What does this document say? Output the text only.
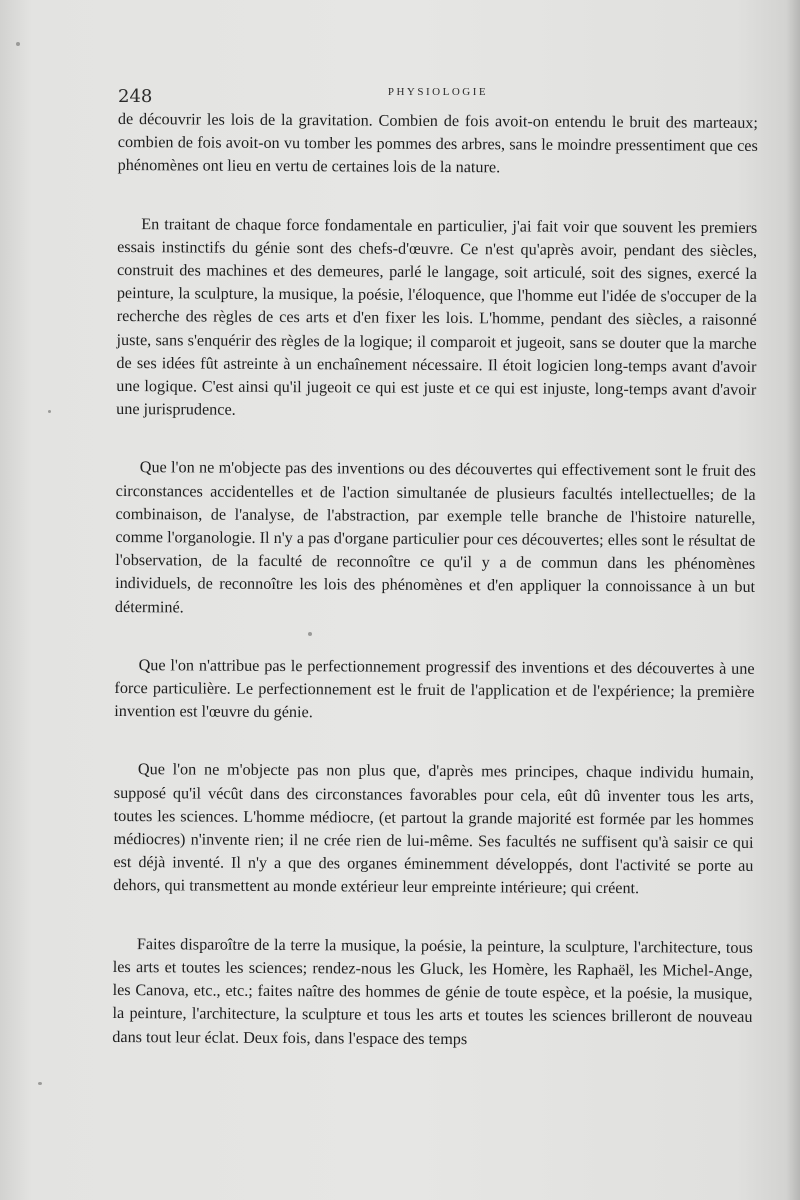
248	PHYSIOLOGIE

de découvrir les lois de la gravitation. Combien de fois avoit-on entendu le bruit des marteaux; combien de fois avoit-on vu tomber les pommes des arbres, sans le moindre pressentiment que ces phénomènes ont lieu en vertu de certaines lois de la nature.

En traitant de chaque force fondamentale en particulier, j'ai fait voir que souvent les premiers essais instinctifs du génie sont des chefs-d'œuvre. Ce n'est qu'après avoir, pendant des siècles, construit des machines et des demeures, parlé le langage, soit articulé, soit des signes, exercé la peinture, la sculpture, la musique, la poésie, l'éloquence, que l'homme eut l'idée de s'occuper de la recherche des règles de ces arts et d'en fixer les lois. L'homme, pendant des siècles, a raisonné juste, sans s'enquérir des règles de la logique; il comparoit et jugeoit, sans se douter que la marche de ses idées fût astreinte à un enchaînement nécessaire. Il étoit logicien long-temps avant d'avoir une logique. C'est ainsi qu'il jugeoit ce qui est juste et ce qui est injuste, long-temps avant d'avoir une jurisprudence.

Que l'on ne m'objecte pas des inventions ou des découvertes qui effectivement sont le fruit des circonstances accidentelles et de l'action simultanée de plusieurs facultés intellectuelles; de la combinaison, de l'analyse, de l'abstraction, par exemple telle branche de l'histoire naturelle, comme l'organologie. Il n'y a pas d'organe particulier pour ces découvertes; elles sont le résultat de l'observation, de la faculté de reconnoître ce qu'il y a de commun dans les phénomènes individuels, de reconnoître les lois des phénomènes et d'en appliquer la connoissance à un but déterminé.

Que l'on n'attribue pas le perfectionnement progressif des inventions et des découvertes à une force particulière. Le perfectionnement est le fruit de l'application et de l'expérience; la première invention est l'œuvre du génie.

Que l'on ne m'objecte pas non plus que, d'après mes principes, chaque individu humain, supposé qu'il vécût dans des circonstances favorables pour cela, eût dû inventer tous les arts, toutes les sciences. L'homme médiocre, (et partout la grande majorité est formée par les hommes médiocres) n'invente rien; il ne crée rien de lui-même. Ses facultés ne suffisent qu'à saisir ce qui est déjà inventé. Il n'y a que des organes éminemment développés, dont l'activité se porte au dehors, qui transmettent au monde extérieur leur empreinte intérieure; qui créent.

Faites disparoître de la terre la musique, la poésie, la peinture, la sculpture, l'architecture, tous les arts et toutes les sciences; rendez-nous les Gluck, les Homère, les Raphaël, les Michel-Ange, les Canova, etc., etc.; faites naître des hommes de génie de toute espèce, et la poésie, la musique, la peinture, l'architecture, la sculpture et tous les arts et toutes les sciences brilleront de nouveau dans tout leur éclat. Deux fois, dans l'espace des temps
